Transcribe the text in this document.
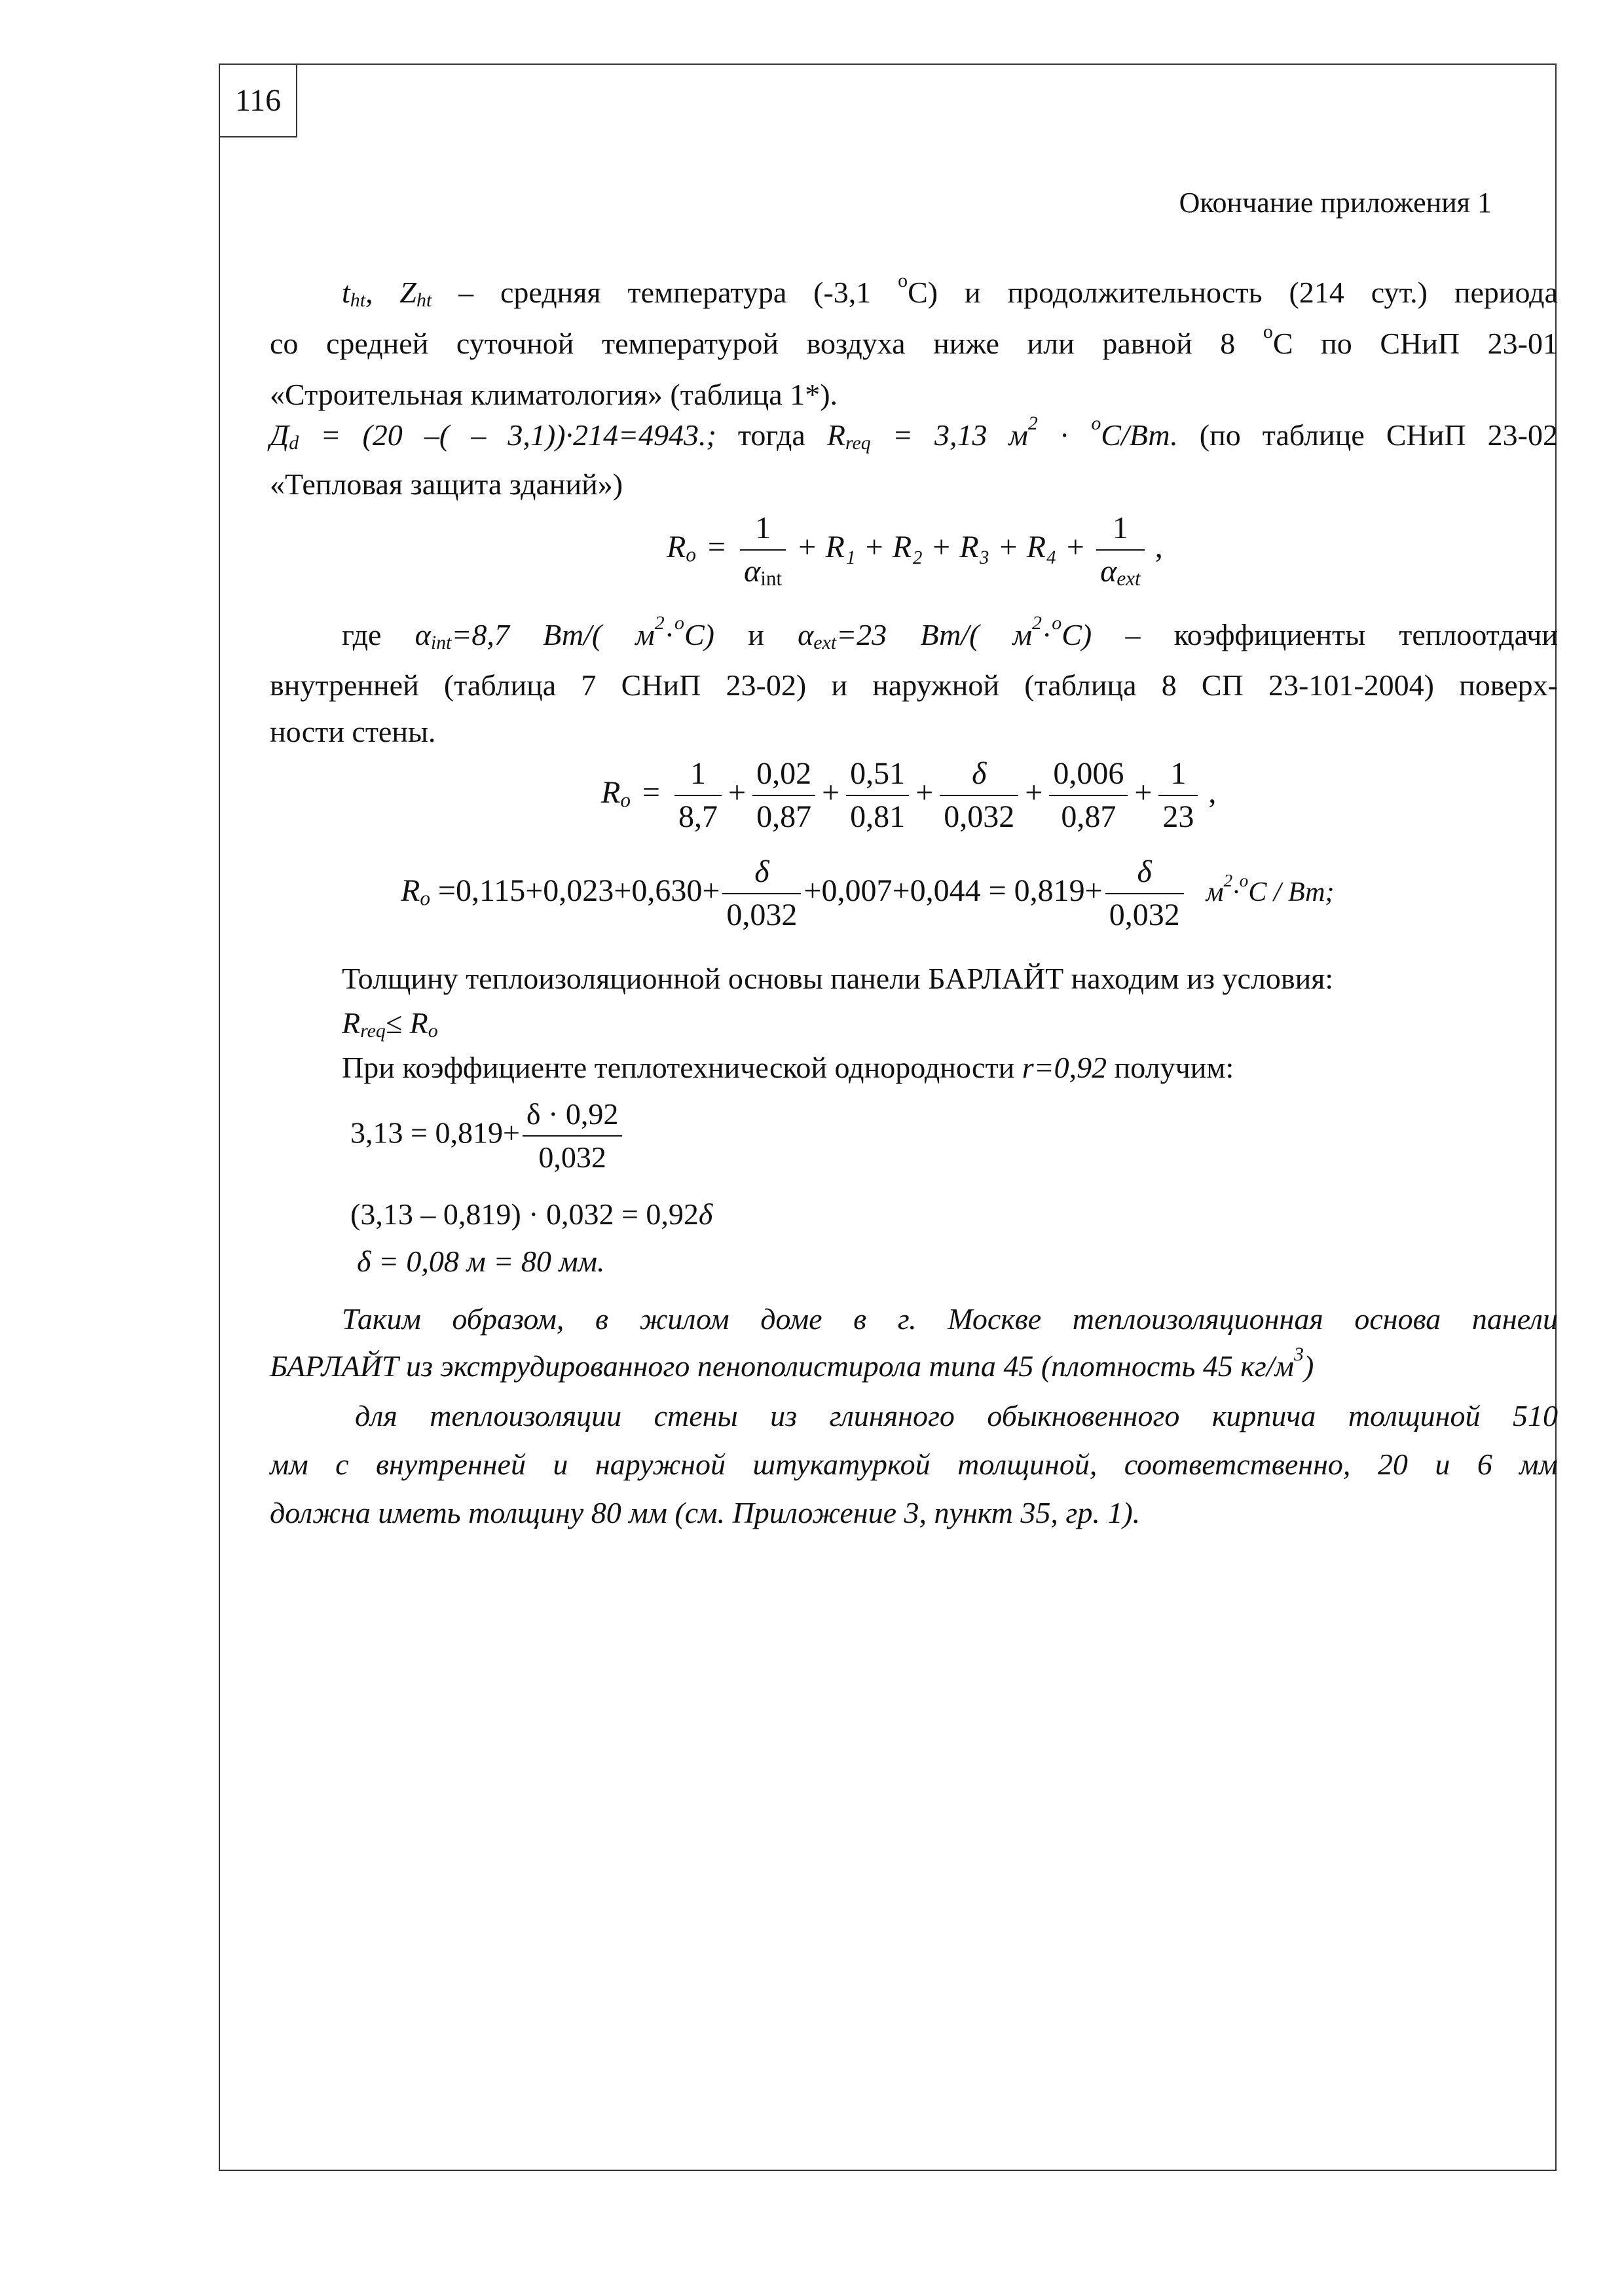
116
Окончание приложения 1
$t_{ht}$, $Z_{ht}$ – средняя температура (-3,1 $^o$С) и продолжительность (214 сут.) периода
со средней суточной температурой воздуха ниже или равной 8 $^o$С по СНиП 23-01
«Строительная климатология» (таблица 1*).
$Д_d = (20$ –( – 3,1))·214=4943.; тогда $R_{req} = 3,13$ $м^2 \cdot ^oС/Вт$. (по таблице СНиП 23-02
«Тепловая защита зданий»)
$R_o = \frac{1}{\alpha_{int}} + R_1 + R_2 + R_3 + R_4 + \frac{1}{\alpha_{ext}}$ ,
где $\alpha_{int}=8,7$ Вт/( $м^2\cdot^oС$) и $\alpha_{ext}=23$ Вт/( $м^2\cdot^oС$) – коэффициенты теплоотдачи
внутренней (таблица 7 СНиП 23-02) и наружной (таблица 8 СП 23-101-2004) поверх-
ности стены.
$R_o = \frac{1}{8,7} + \frac{0,02}{0,87} + \frac{0,51}{0,81} + \frac{\delta}{0,032} + \frac{0,006}{0,87} + \frac{1}{23}$ ,
$R_o =0,115+0,023+0,630+ \frac{\delta}{0,032} +0,007+0,044 = 0,819+ \frac{\delta}{0,032} м^2\cdot^oC$ / Вт;
Толщину теплоизоляционной основы панели БАРЛАЙТ находим из условия:
$R_{req}\le R_o$
При коэффициенте теплотехнической однородности r=0,92 получим:
$3,13 = 0,819+ \frac{\delta \cdot 0,92}{0,032}$
(3,13 – 0,819) · 0,032 = 0,92δ
δ = 0,08 м = 80 мм.
Таким образом, в жилом доме в г. Москве теплоизоляционная основа панели
БАРЛАЙТ из экструдированного пенополистирола типа 45 (плотность 45 $кг/м^3$)
для теплоизоляции стены из глиняного обыкновенного кирпича толщиной 510
мм с внутренней и наружной штукатуркой толщиной, соответственно, 20 и 6 мм
должна иметь толщину 80 мм (см. Приложение 3, пункт 35, гр. 1).
